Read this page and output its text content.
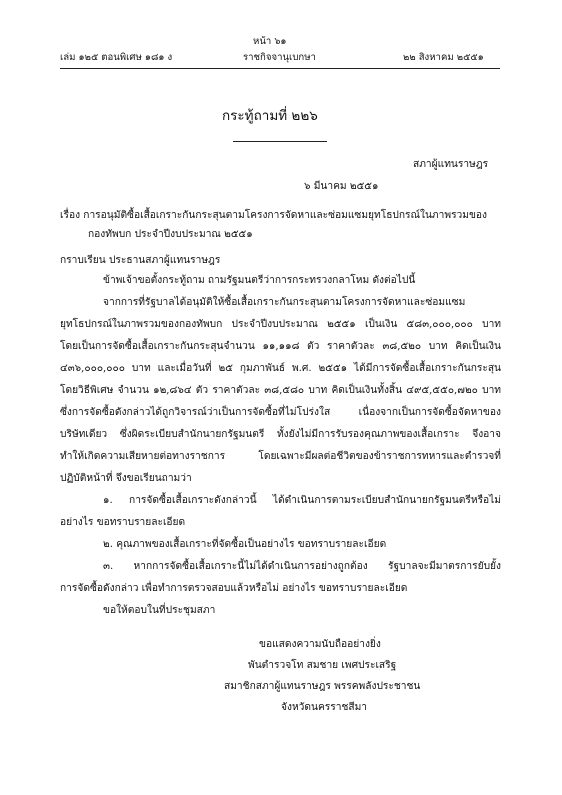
หน้า ๖๑
เล่ม ๑๒๕ ตอนพิเศษ ๑๘๑ ง	ราชกิจจานุเบกษา	๒๒ สิงหาคม ๒๕๕๑
กระทู้ถามที่ ๒๒๖
สภาผู้แทนราษฎร
๖ มีนาคม ๒๕๕๑
เรื่อง การอนุมัติซื้อเสื้อเกราะกันกระสุนตามโครงการจัดหาและซ่อมแซมยุทโธปกรณ์ในภาพรวมของ
กองทัพบก ประจำปีงบประมาณ ๒๕๕๑
กราบเรียน ประธานสภาผู้แทนราษฎร
ข้าพเจ้าขอตั้งกระทู้ถาม ถามรัฐมนตรีว่าการกระทรวงกลาโหม ดังต่อไปนี้
จากการที่รัฐบาลได้อนุมัติให้ซื้อเสื้อเกราะกันกระสุนตามโครงการจัดหาและซ่อมแซม
ยุทโธปกรณ์ในภาพรวมของกองทัพบก ประจำปีงบประมาณ ๒๕๕๑ เป็นเงิน ๕๘๓,๐๐๐,๐๐๐ บาท
โดยเป็นการจัดซื้อเสื้อเกราะกันกระสุนจำนวน ๑๑,๑๑๘ ตัว ราคาตัวละ ๓๘,๕๒๐ บาท คิดเป็นเงิน
๔๓๖,๐๐๐,๐๐๐ บาท และเมื่อวันที่ ๒๕ กุมภาพันธ์ พ.ศ. ๒๕๕๑ ได้มีการจัดซื้อเสื้อเกราะกันกระสุน
โดยวิธีพิเศษ จำนวน ๑๒,๘๖๔ ตัว ราคาตัวละ ๓๘,๕๘๐ บาท คิดเป็นเงินทั้งสิ้น ๔๙๕,๕๕๐,๗๒๐ บาท
ซึ่งการจัดซื้อดังกล่าวได้ถูกวิจารณ์ว่าเป็นการจัดซื้อที่ไม่โปร่งใส เนื่องจากเป็นการจัดซื้อจัดหาของ
บริษัทเดียว ซึ่งผิดระเบียบสำนักนายกรัฐมนตรี ทั้งยังไม่มีการรับรองคุณภาพของเสื้อเกราะ จึงอาจ
ทำให้เกิดความเสียหายต่อทางราชการ โดยเฉพาะมีผลต่อชีวิตของข้าราชการทหารและตำรวจที่
ปฏิบัติหน้าที่ จึงขอเรียนถามว่า
๑. การจัดซื้อเสื้อเกราะดังกล่าวนี้ ได้ดำเนินการตามระเบียบสำนักนายกรัฐมนตรีหรือไม่
อย่างไร ขอทราบรายละเอียด
๒. คุณภาพของเสื้อเกราะที่จัดซื้อเป็นอย่างไร ขอทราบรายละเอียด
๓. หากการจัดซื้อเสื้อเกราะนี้ไม่ได้ดำเนินการอย่างถูกต้อง รัฐบาลจะมีมาตรการยับยั้ง
การจัดซื้อดังกล่าว เพื่อทำการตรวจสอบแล้วหรือไม่ อย่างไร ขอทราบรายละเอียด
ขอให้ตอบในที่ประชุมสภา
ขอแสดงความนับถืออย่างยิ่ง
พันตำรวจโท สมชาย เพศประเสริฐ
สมาชิกสภาผู้แทนราษฎร พรรคพลังประชาชน
จังหวัดนครราชสีมา
